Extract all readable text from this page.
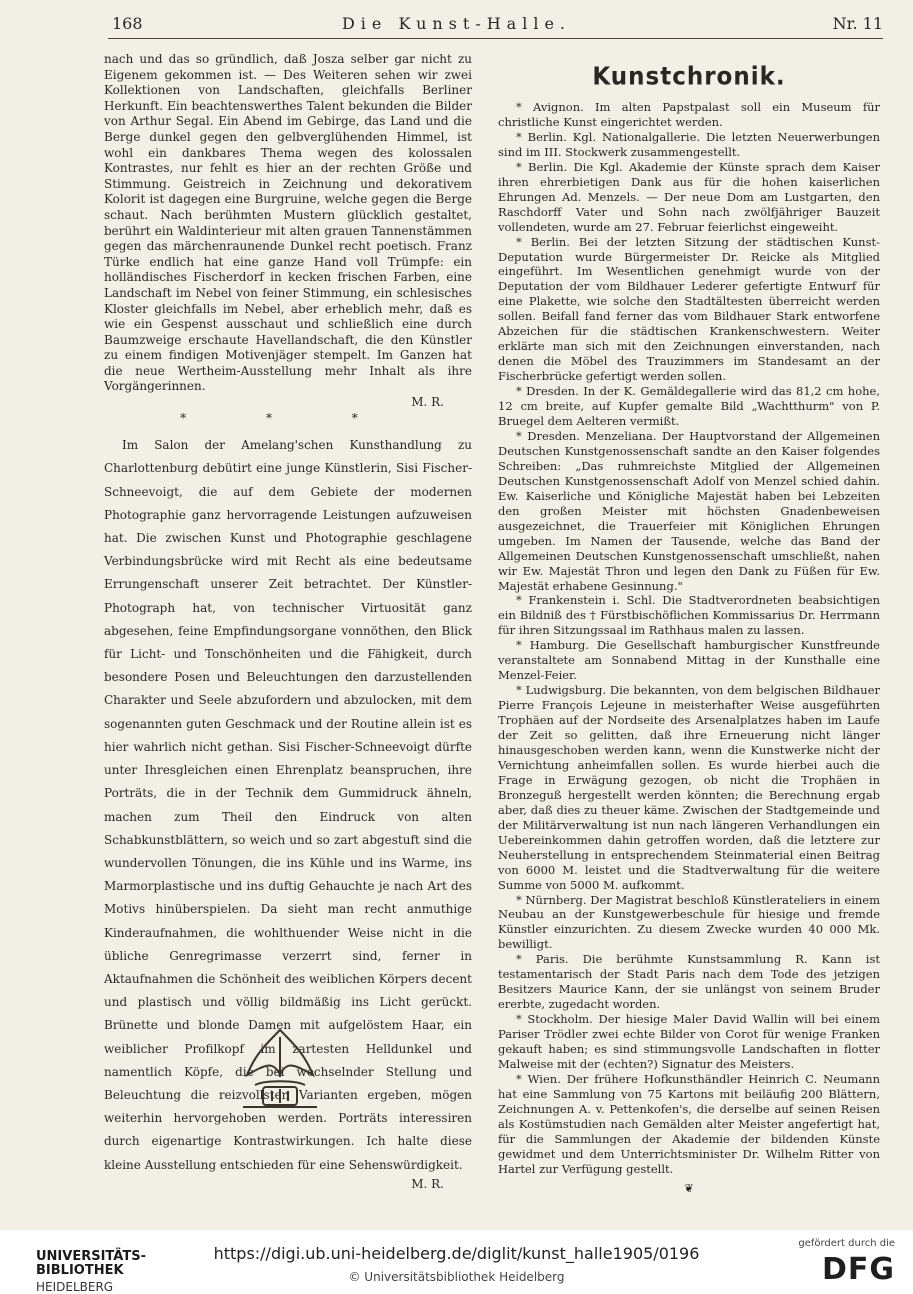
168	Die Kunst-Halle.	Nr. 11

nach und das so gründlich, daß Joszа selber gar nicht zu Eigenem gekommen ist. — Des Weiteren sehen wir zwei Kollektionen von Landschaften, gleichfalls Berliner Herkunft. Ein beachtenswerthes Talent bekunden die Bilder von Arthur Segal. Ein Abend im Gebirge, das Land und die Berge dunkel gegen den gelbverglühenden Himmel, ist wohl ein dankbares Thema wegen des kolossalen Kontrastes, nur fehlt es hier an der rechten Größe und Stimmung. Geistreich in Zeichnung und dekorativem Kolorit ist dagegen eine Burgruine, welche gegen die Berge schaut. Nach berühmten Mustern glücklich gestaltet, berührt ein Waldinterieur mit alten grauen Tannenstämmen gegen das märchenraunende Dunkel recht poetisch. Franz Türke endlich hat eine ganze Hand voll Trümpfe: ein holländisches Fischerdorf in kecken frischen Farben, eine Landschaft im Nebel von feiner Stimmung, ein schlesisches Kloster gleichfalls im Nebel, aber erheblich mehr, daß es wie ein Gespenst ausschaut und schließlich eine durch Baumzweige erschaute Havellandschaft, die den Künstler zu einem findigen Motivenjäger stempelt. Im Ganzen hat die neue Wertheim-Ausstellung mehr Inhalt als ihre Vorgängerinnen.

M. R.

* * *

Im Salon der Amelang'schen Kunsthandlung zu Charlottenburg debütirt eine junge Künstlerin, Sisi Fischer-Schneevoigt, die auf dem Gebiete der modernen Photographie ganz hervorragende Leistungen aufzuweisen hat. Die zwischen Kunst und Photographie geschlagene Verbindungsbrücke wird mit Recht als eine bedeutsame Errungenschaft unserer Zeit betrachtet. Der Künstler-Photograph hat, von technischer Virtuosität ganz abgesehen, feine Empfindungsorgane vonnöthen, den Blick für Licht- und Tonschönheiten und die Fähigkeit, durch besondere Posen und Beleuchtungen den darzustellenden Charakter und Seele abzufordern und abzulocken, mit dem sogenannten guten Geschmack und der Routine allein ist es hier wahrlich nicht gethan. Sisi Fischer-Schneevoigt dürfte unter Ihresgleichen einen Ehrenplatz beanspruchen, ihre Porträts, die in der Technik dem Gummidruck ähneln, machen zum Theil den Eindruck von alten Schabkunstblättern, so weich und so zart abgestuft sind die wundervollen Tönungen, die ins Kühle und ins Warme, ins Marmorplastische und ins duftig Gehauchte je nach Art des Motivs hinüberspielen. Da sieht man recht anmuthige Kinderaufnahmen, die wohlthuender Weise nicht in die übliche Genregrimasse verzerrt sind, ferner in Aktaufnahmen die Schönheit des weiblichen Körpers decent und plastisch und völlig bildmäßig ins Licht gerückt. Brünette und blonde Damen mit aufgelöstem Haar, ein weiblicher Profilkopf im zartesten Helldunkel und namentlich Köpfe, die bei wechselnder Stellung und Beleuchtung die reizvollsten Varianten ergeben, mögen weiterhin hervorgehoben werden. Porträts interessiren durch eigenartige Kontrastwirkungen. Ich halte diese kleine Ausstellung entschieden für eine Sehenswürdigkeit.

M. R.

Kunstchronik.

* Avignon. Im alten Papstpalast soll ein Museum für christliche Kunst eingerichtet werden.

* Berlin. Kgl. Nationalgallerie. Die letzten Neuerwerbungen sind im III. Stockwerk zusammengestellt.

* Berlin. Die Kgl. Akademie der Künste sprach dem Kaiser ihren ehrerbietigen Dank aus für die hohen kaiserlichen Ehrungen Ad. Menzels. — Der neue Dom am Lustgarten, den Raschdorff Vater und Sohn nach zwölfjähriger Bauzeit vollendeten, wurde am 27. Februar feierlichst eingeweiht.

* Berlin. Bei der letzten Sitzung der städtischen Kunst-Deputation wurde Bürgermeister Dr. Reicke als Mitglied eingeführt. Im Wesentlichen genehmigt wurde von der Deputation der vom Bildhauer Lederer gefertigte Entwurf für eine Plakette, wie solche den Stadtältesten überreicht werden sollen. Beifall fand ferner das vom Bildhauer Stark entworfene Abzeichen für die städtischen Krankenschwestern. Weiter erklärte man sich mit den Zeichnungen einverstanden, nach denen die Möbel des Trauzimmers im Standesamt an der Fischerbrücke gefertigt werden sollen.

* Dresden. In der K. Gemäldegallerie wird das 81,2 cm hohe, 12 cm breite, auf Kupfer gemalte Bild „Wachtthurm" von P. Bruegel dem Aelteren vermißt.

* Dresden. Menzeliana. Der Hauptvorstand der Allgemeinen Deutschen Kunstgenossenschaft sandte an den Kaiser folgendes Schreiben: „Das ruhmreichste Mitglied der Allgemeinen Deutschen Kunstgenossenschaft Adolf von Menzel schied dahin. Ew. Kaiserliche und Königliche Majestät haben bei Lebzeiten den großen Meister mit höchsten Gnadenbeweisen ausgezeichnet, die Trauerfeier mit Königlichen Ehrungen umgeben. Im Namen der Tausende, welche das Band der Allgemeinen Deutschen Kunstgenossenschaft umschließt, nahen wir Ew. Majestät Thron und legen den Dank zu Füßen für Ew. Majestät erhabene Gesinnung."

* Frankenstein i. Schl. Die Stadtverordneten beabsichtigen ein Bildniß des † Fürstbischöflichen Kommissarius Dr. Herrmann für ihren Sitzungssaal im Rathhaus malen zu lassen.

* Hamburg. Die Gesellschaft hamburgischer Kunstfreunde veranstaltete am Sonnabend Mittag in der Kunsthalle eine Menzel-Feier.

* Ludwigsburg. Die bekannten, von dem belgischen Bildhauer Pierre François Lejeune in meisterhafter Weise ausgeführten Trophäen auf der Nordseite des Arsenalplatzes haben im Laufe der Zeit so gelitten, daß ihre Erneuerung nicht länger hinausgeschoben werden kann, wenn die Kunstwerke nicht der Vernichtung anheimfallen sollen. Es wurde hierbei auch die Frage in Erwägung gezogen, ob nicht die Trophäen in Bronzeguß hergestellt werden könnten; die Berechnung ergab aber, daß dies zu theuer käme. Zwischen der Stadtgemeinde und der Militärverwaltung ist nun nach längeren Verhandlungen ein Uebereinkommen dahin getroffen worden, daß die letztere zur Neuherstellung in entsprechendem Steinmaterial einen Beitrag von 6000 M. leistet und die Stadtverwaltung für die weitere Summe von 5000 M. aufkommt.

* Nürnberg. Der Magistrat beschloß Künstlerateliers in einem Neubau an der Kunstgewerbeschule für hiesige und fremde Künstler einzurichten. Zu diesem Zwecke wurden 40 000 Mk. bewilligt.

* Paris. Die berühmte Kunstsammlung R. Kann ist testamentarisch der Stadt Paris nach dem Tode des jetzigen Besitzers Maurice Kann, der sie unlängst von seinem Bruder ererbte, zugedacht worden.

* Stockholm. Der hiesige Maler David Wallin will bei einem Pariser Trödler zwei echte Bilder von Corot für wenige Franken gekauft haben; es sind stimmungsvolle Landschaften in flotter Malweise mit der (echten?) Signatur des Meisters.

* Wien. Der frühere Hofkunsthändler Heinrich C. Neumann hat eine Sammlung von 75 Kartons mit beiläufig 200 Blättern, Zeichnungen A. v. Pettenkofen's, die derselbe auf seinen Reisen als Kostümstudien nach Gemälden alter Meister angefertigt hat, für die Sammlungen der Akademie der bildenden Künste gewidmet und dem Unterrichtsminister Dr. Wilhelm Ritter von Hartel zur Verfügung gestellt.

❦

UNIVERSITÄTS-
BIBLIOTHEK
HEIDELBERG
https://digi.ub.uni-heidelberg.de/diglit/kunst_halle1905/0196
© Universitätsbibliothek Heidelberg
gefördert durch die
DFG
